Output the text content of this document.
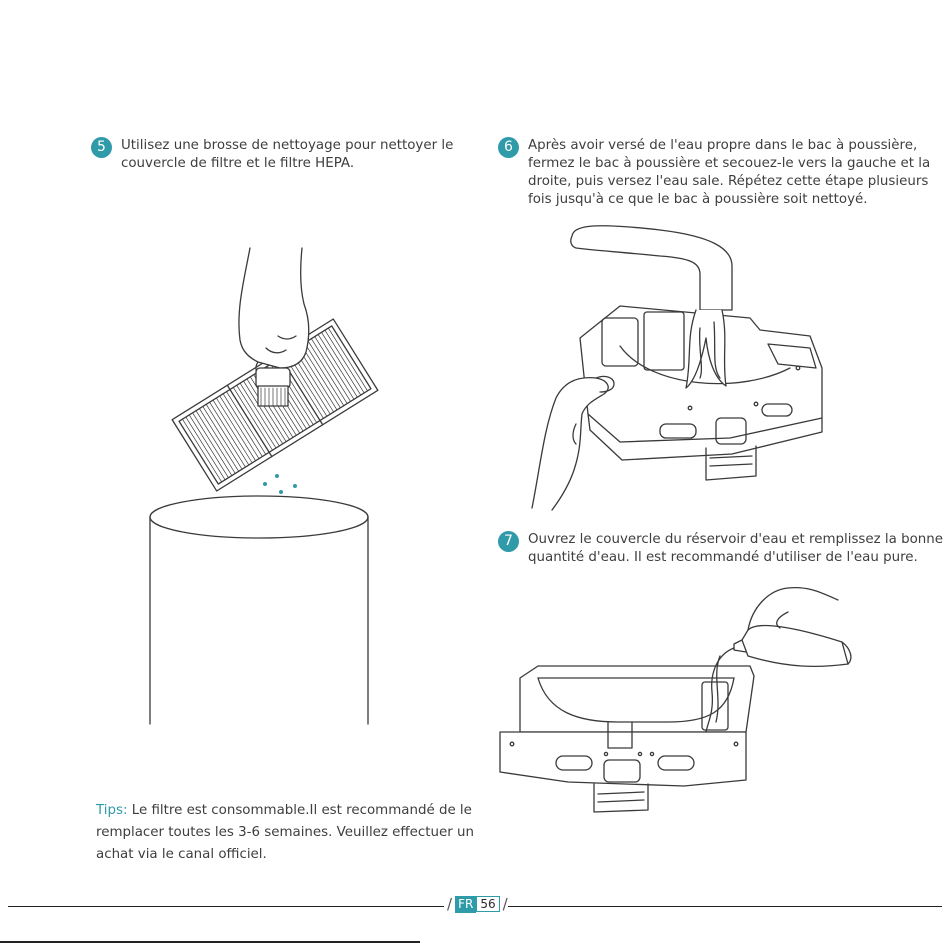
5	Utilisez une brosse de nettoyage pour nettoyer le
couvercle de filtre et le filtre HEPA.
6	Après avoir versé de l'eau propre dans le bac à poussière,
fermez le bac à poussière et secouez-le vers la gauche et la
droite, puis versez l'eau sale. Répétez cette étape plusieurs
fois jusqu'à ce que le bac à poussière soit nettoyé.
7	Ouvrez le couvercle du réservoir d'eau et remplissez la bonne
quantité d'eau. Il est recommandé d'utiliser de l'eau pure.
Tips: Le filtre est consommable.Il est recommandé de le
remplacer toutes les 3-6 semaines. Veuillez effectuer un
achat via le canal officiel.
/ FR 56 /
